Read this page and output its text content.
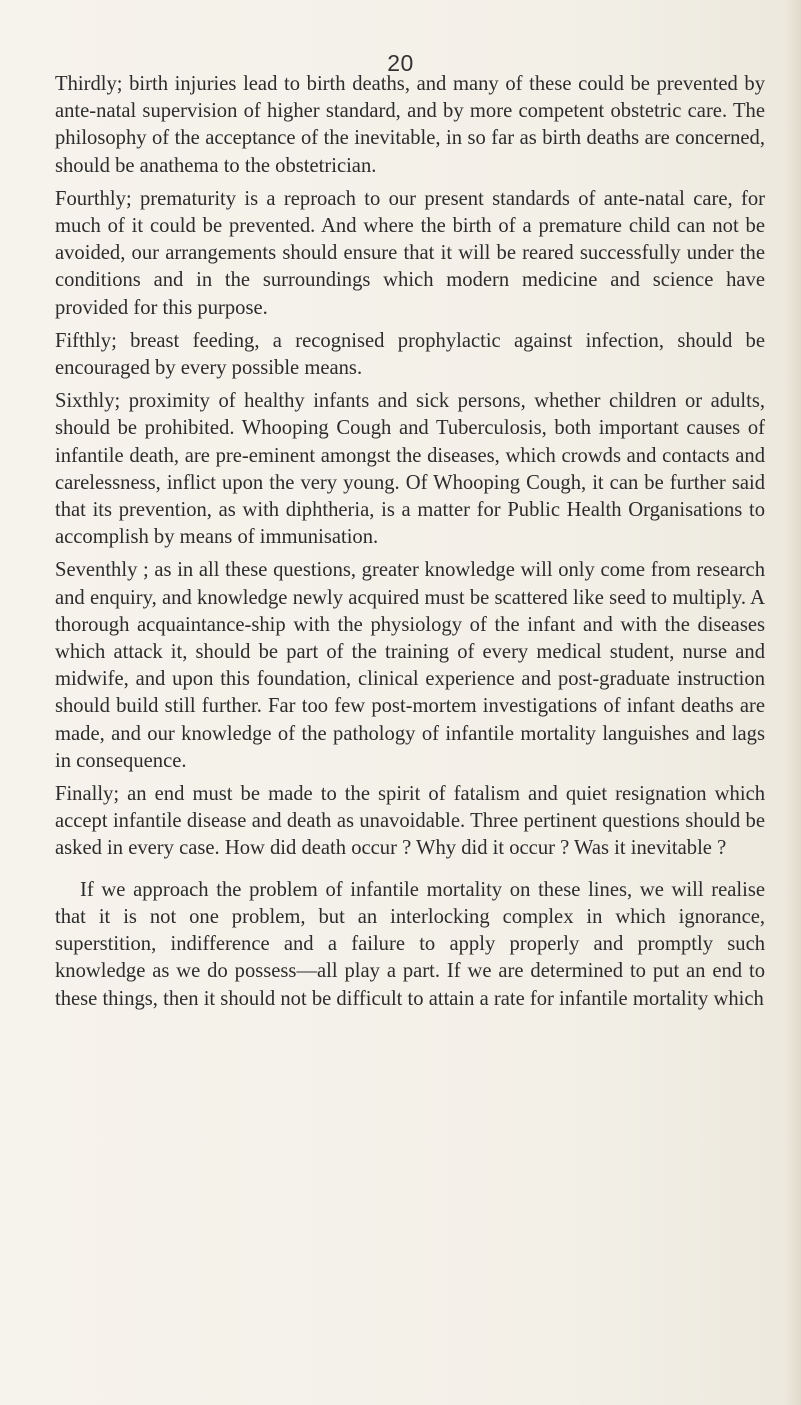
20

Thirdly; birth injuries lead to birth deaths, and many of these could be prevented by ante-natal supervision of higher standard, and by more competent obstetric care. The philosophy of the acceptance of the inevitable, in so far as birth deaths are concerned, should be anathema to the obstetrician.

Fourthly; prematurity is a reproach to our present standards of ante-natal care, for much of it could be prevented. And where the birth of a premature child can not be avoided, our arrangements should ensure that it will be reared successfully under the conditions and in the surroundings which modern medicine and science have provided for this purpose.

Fifthly; breast feeding, a recognised prophylactic against infection, should be encouraged by every possible means.

Sixthly; proximity of healthy infants and sick persons, whether children or adults, should be prohibited. Whooping Cough and Tuberculosis, both important causes of infantile death, are pre-eminent amongst the diseases, which crowds and contacts and carelessness, inflict upon the very young. Of Whooping Cough, it can be further said that its prevention, as with diphtheria, is a matter for Public Health Organisations to accomplish by means of immunisation.

Seventhly ; as in all these questions, greater knowledge will only come from research and enquiry, and knowledge newly acquired must be scattered like seed to multiply. A thorough acquaintance-ship with the physiology of the infant and with the diseases which attack it, should be part of the training of every medical student, nurse and midwife, and upon this foundation, clinical experience and post-graduate instruction should build still further. Far too few post-mortem investigations of infant deaths are made, and our knowledge of the pathology of infantile mortality languishes and lags in consequence.

Finally; an end must be made to the spirit of fatalism and quiet resignation which accept infantile disease and death as unavoidable. Three pertinent questions should be asked in every case. How did death occur ? Why did it occur ? Was it inevitable ?

If we approach the problem of infantile mortality on these lines, we will realise that it is not one problem, but an interlocking complex in which ignorance, superstition, indifference and a failure to apply properly and promptly such knowledge as we do possess—all play a part. If we are determined to put an end to these things, then it should not be difficult to attain a rate for infantile mortality which
